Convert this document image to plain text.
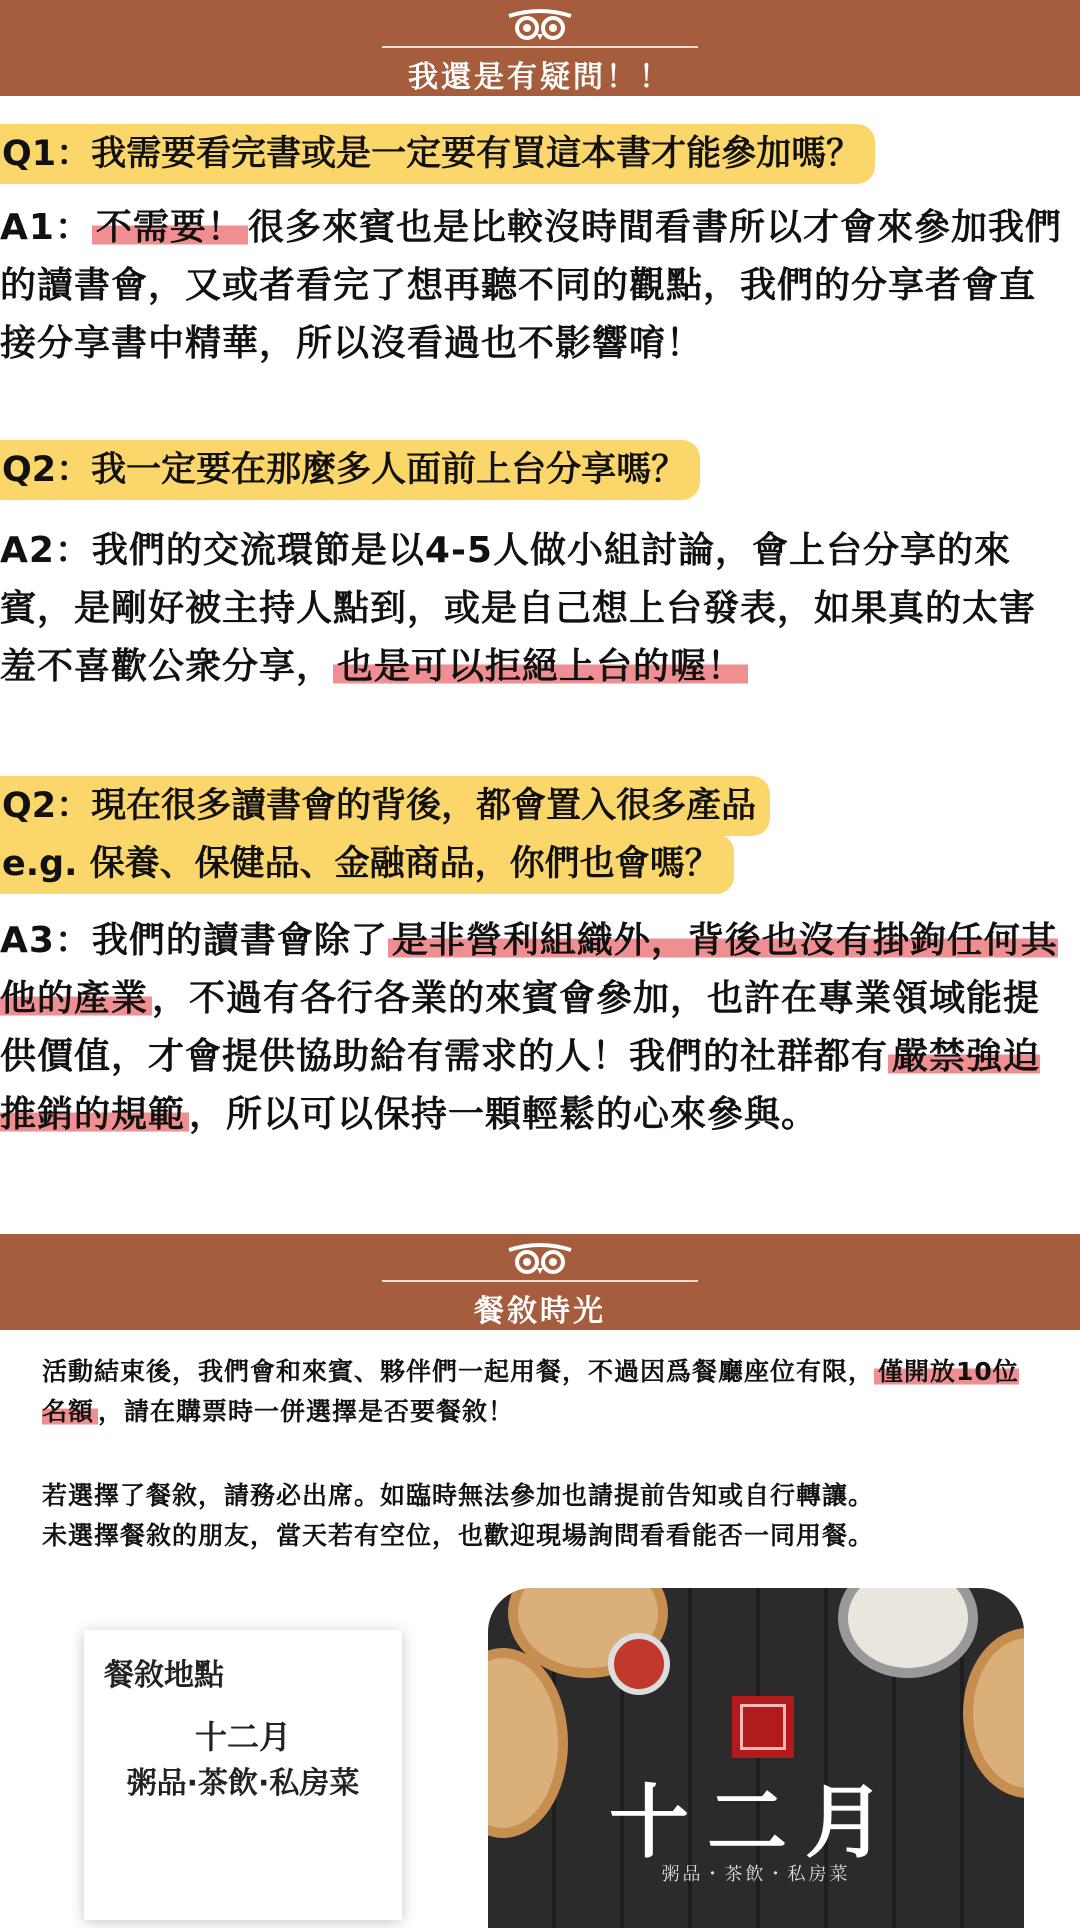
我還是有疑問！！
Q1：我需要看完書或是一定要有買這本書才能參加嗎？

A1： 不需要！ 很多來賓也是比較沒時間看書所以才會來參加我們的讀書會，又或者看完了想再聽不同的觀點，我們的分享者會直接分享書中精華，所以沒看過也不影響唷！

Q2：我一定要在那麼多人面前上台分享嗎？

A2：我們的交流環節是以4-5人做小組討論，會上台分享的來賓，是剛好被主持人點到，或是自己想上台發表，如果真的太害羞不喜歡公衆分享， 也是可以拒絕上台的喔！

Q2：現在很多讀書會的背後，都會置入很多產品
e.g. 保養、保健品、金融商品，你們也會嗎？

A3：我們的讀書會除了 是非營利組織外，背後也沒有掛鉤任何其他的產業 ，不過有各行各業的來賓會參加，也許在專業領域能提供價值，才會提供協助給有需求的人！我們的社群都有 嚴禁強迫推銷的規範 ，所以可以保持一顆輕鬆的心來參與。

餐敘時光

活動結束後，我們會和來賓、夥伴們一起用餐，不過因爲餐廳座位有限， 僅開放10位名額 ，請在購票時一併選擇是否要餐敘！

若選擇了餐敘，請務必出席。如臨時無法參加也請提前告知或自行轉讓。
未選擇餐敘的朋友，當天若有空位，也歡迎現場詢問看看能否一同用餐。

餐敘地點
十二月
粥品·茶飲·私房菜	十二月
粥品・茶飲・私房菜
